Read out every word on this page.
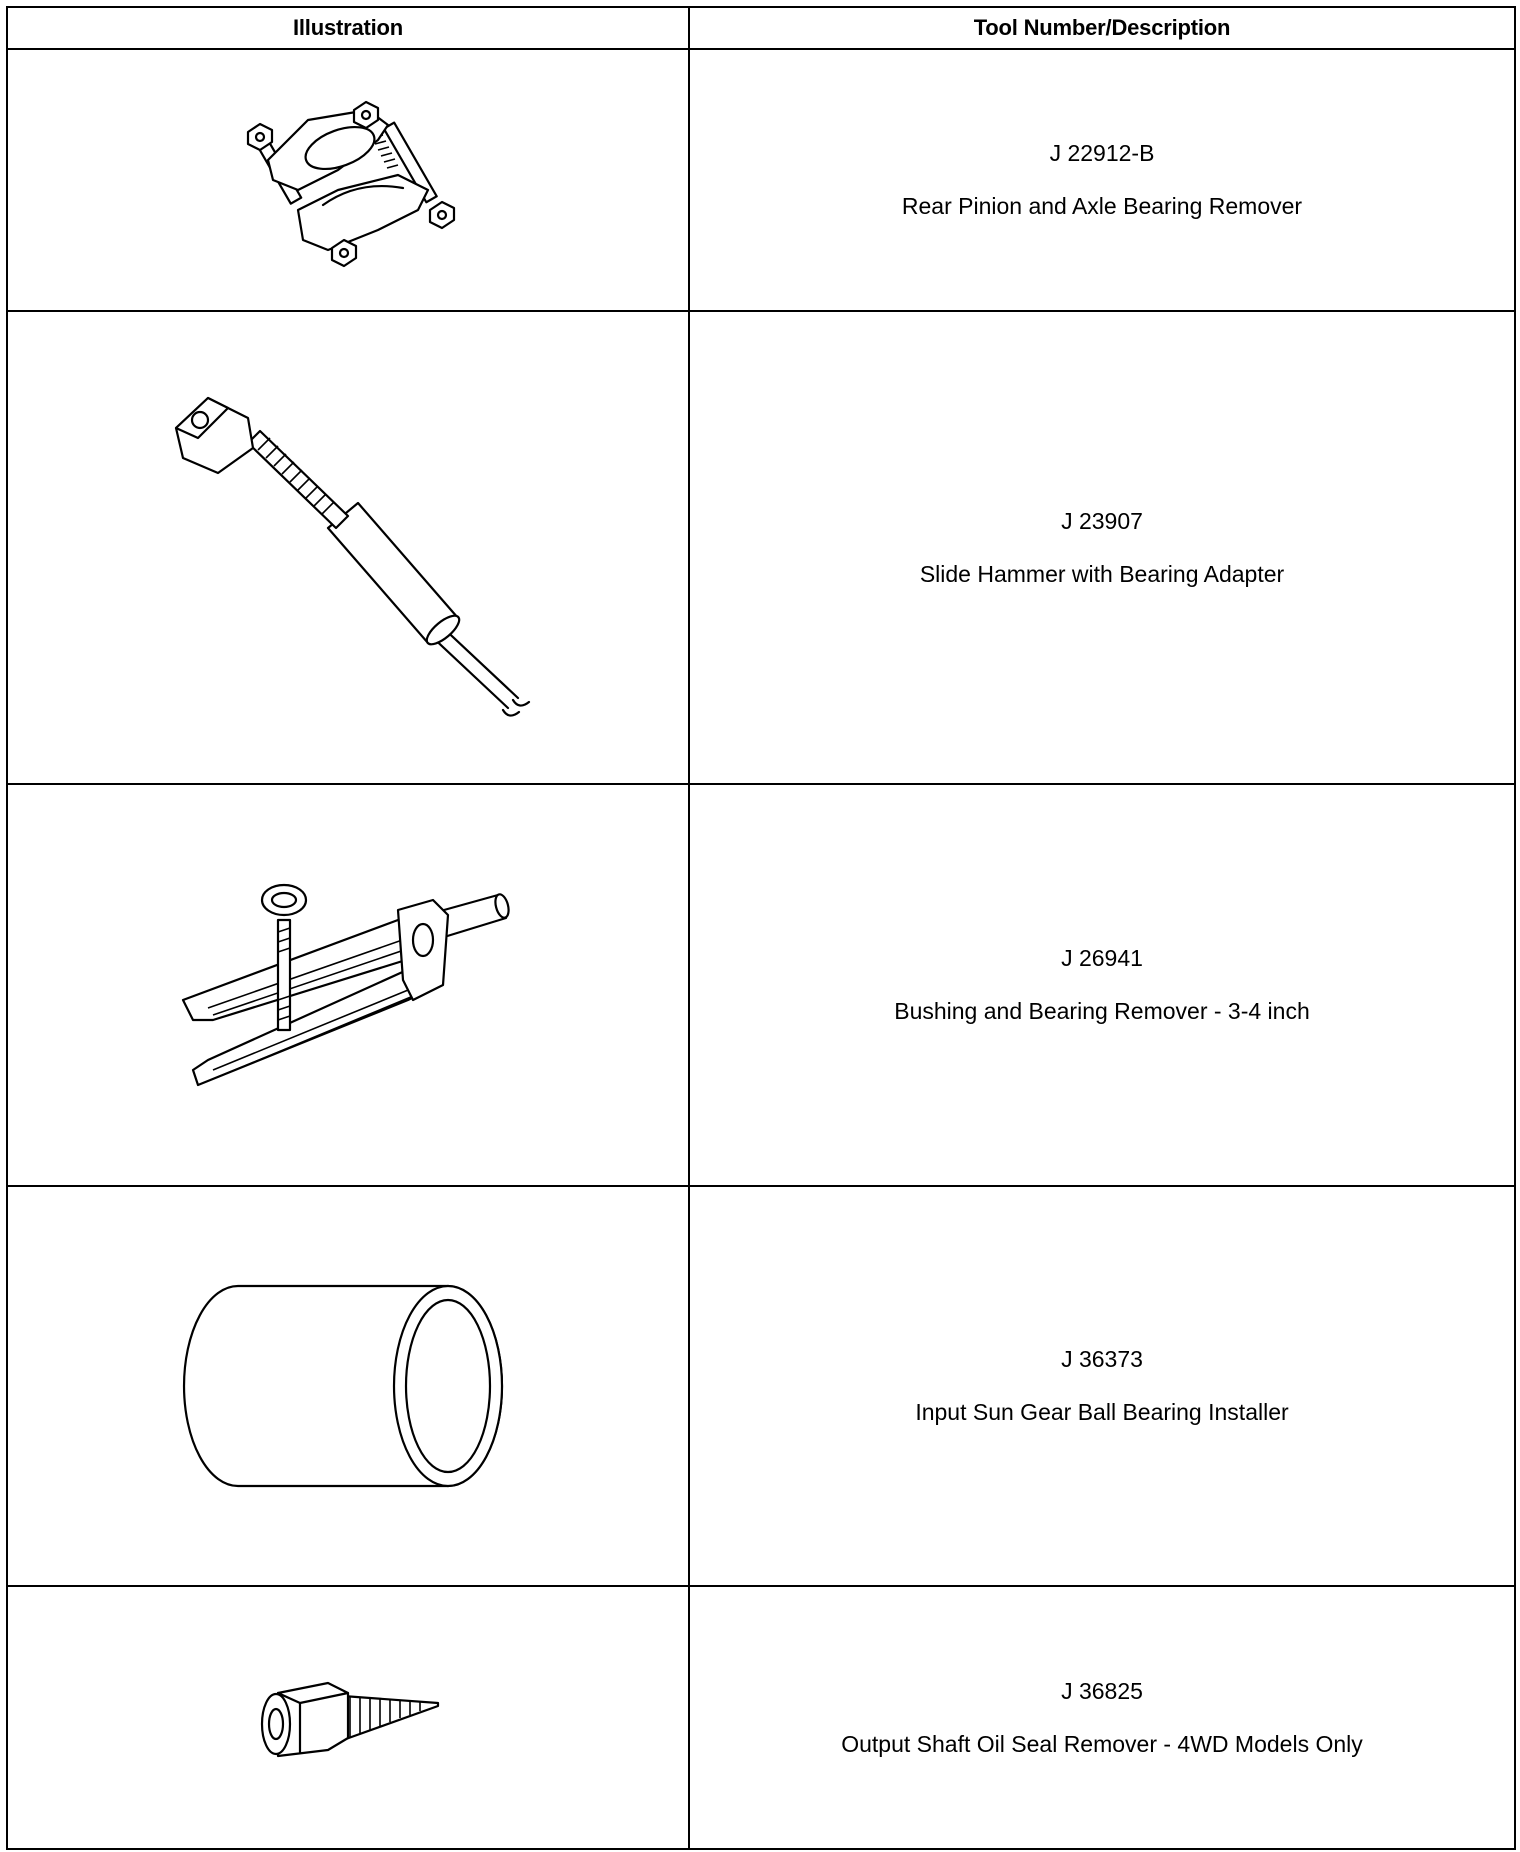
Illustration	Tool Number/Description

J 22912-B
Rear Pinion and Axle Bearing Remover

J 23907
Slide Hammer with Bearing Adapter

J 26941
Bushing and Bearing Remover - 3-4 inch

J 36373
Input Sun Gear Ball Bearing Installer

J 36825
Output Shaft Oil Seal Remover - 4WD Models Only
